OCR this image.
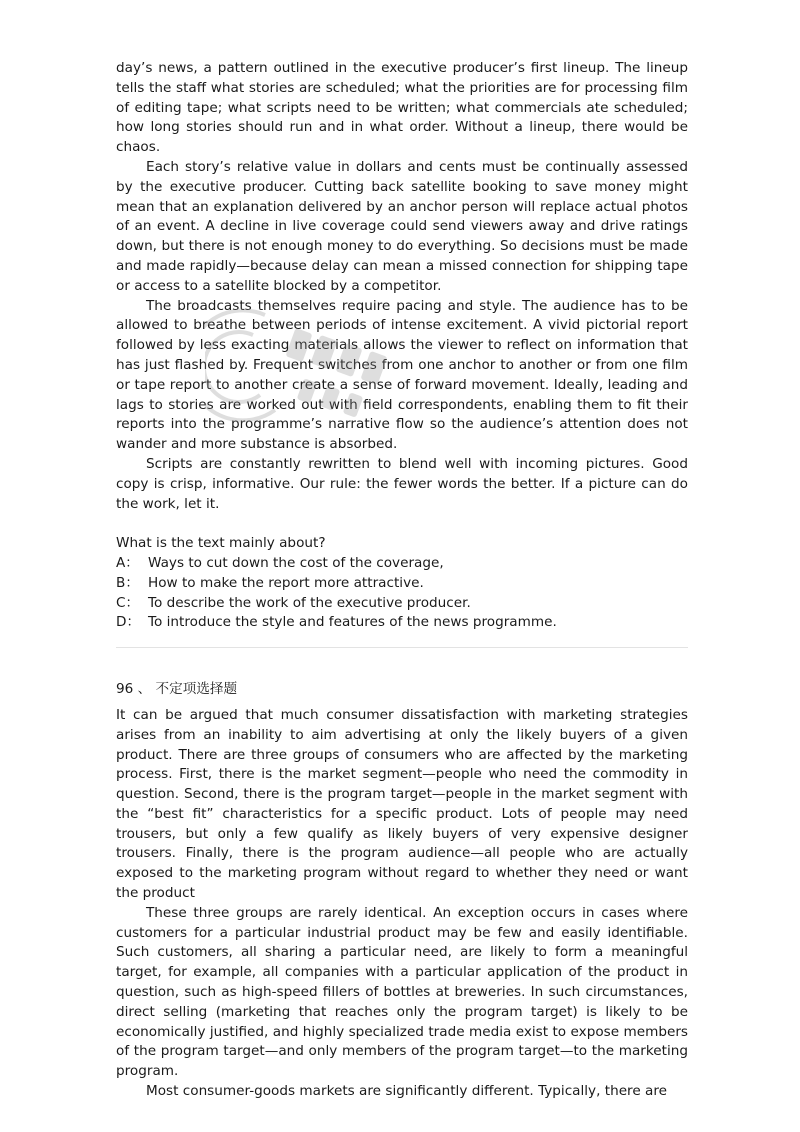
day’s news, a pattern outlined in the executive producer’s first lineup. The lineup tells the staff what stories are scheduled; what the priorities are for processing film of editing tape; what scripts need to be written; what commercials ate scheduled; how long stories should run and in what order. Without a lineup, there would be chaos.

Each story’s relative value in dollars and cents must be continually assessed by the executive producer. Cutting back satellite booking to save money might mean that an explanation delivered by an anchor person will replace actual photos of an event. A decline in live coverage could send viewers away and drive ratings down, but there is not enough money to do everything. So decisions must be made and made rapidly—because delay can mean a missed connection for shipping tape or access to a satellite blocked by a competitor.

The broadcasts themselves require pacing and style. The audience has to be allowed to breathe between periods of intense excitement. A vivid pictorial report followed by less exacting materials allows the viewer to reflect on information that has just flashed by. Frequent switches from one anchor to another or from one film or tape report to another create a sense of forward movement. Ideally, leading and lags to stories are worked out with field correspondents, enabling them to fit their reports into the programme’s narrative flow so the audience’s attention does not wander and more substance is absorbed.

Scripts are constantly rewritten to blend well with incoming pictures. Good copy is crisp, informative. Our rule: the fewer words the better. If a picture can do the work, let it.

What is the text mainly about?
A： Ways to cut down the cost of the coverage,
B： How to make the report more attractive.
C： To describe the work of the executive producer.
D： To introduce the style and features of the news programme.
96 、 不定项选择题

It can be argued that much consumer dissatisfaction with marketing strategies arises from an inability to aim advertising at only the likely buyers of a given product. There are three groups of consumers who are affected by the marketing process. First, there is the market segment—people who need the commodity in question. Second, there is the program target—people in the market segment with the “best fit” characteristics for a specific product. Lots of people may need trousers, but only a few qualify as likely buyers of very expensive designer trousers. Finally, there is the program audience—all people who are actually exposed to the marketing program without regard to whether they need or want the product

These three groups are rarely identical. An exception occurs in cases where customers for a particular industrial product may be few and easily identifiable. Such customers, all sharing a particular need, are likely to form a meaningful target, for example, all companies with a particular application of the product in question, such as high-speed fillers of bottles at breweries. In such circumstances, direct selling (marketing that reaches only the program target) is likely to be economically justified, and highly specialized trade media exist to expose members of the program target—and only members of the program target—to the marketing program.

Most consumer-goods markets are significantly different. Typically, there are
